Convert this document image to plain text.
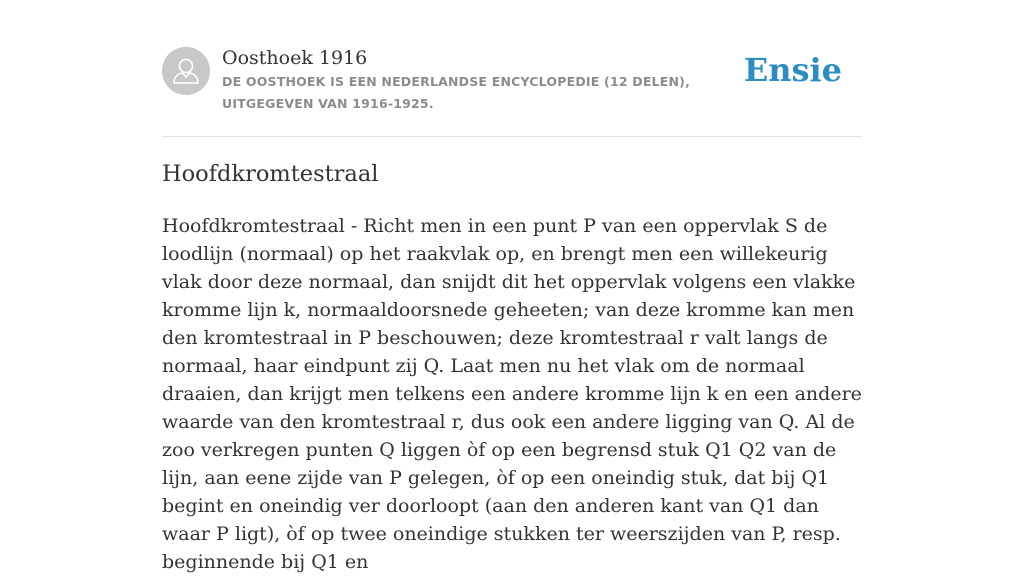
Oosthoek 1916
DE OOSTHOEK IS EEN NEDERLANDSE ENCYCLOPEDIE (12 DELEN), UITGEGEVEN VAN 1916-1925.
Ensie
Hoofdkromtestraal

Hoofdkromtestraal - Richt men in een punt P van een oppervlak S de loodlijn (normaal) op het raakvlak op, en brengt men een willekeurig vlak door deze normaal, dan snijdt dit het oppervlak volgens een vlakke kromme lijn k, normaaldoorsnede geheeten; van deze kromme kan men den kromtestraal in P beschouwen; deze kromtestraal r valt langs de normaal, haar eindpunt zij Q. Laat men nu het vlak om de normaal draaien, dan krijgt men telkens een andere kromme lijn k en een andere waarde van den kromtestraal r, dus ook een andere ligging van Q. Al de zoo verkregen punten Q liggen òf op een begrensd stuk Q1 Q2 van de lijn, aan eene zijde van P gelegen, òf op een oneindig stuk, dat bij Q1 begint en oneindig ver doorloopt (aan den anderen kant van Q1 dan waar P ligt), òf op twee oneindige stukken ter weerszijden van P, resp. beginnende bij Q1 en
